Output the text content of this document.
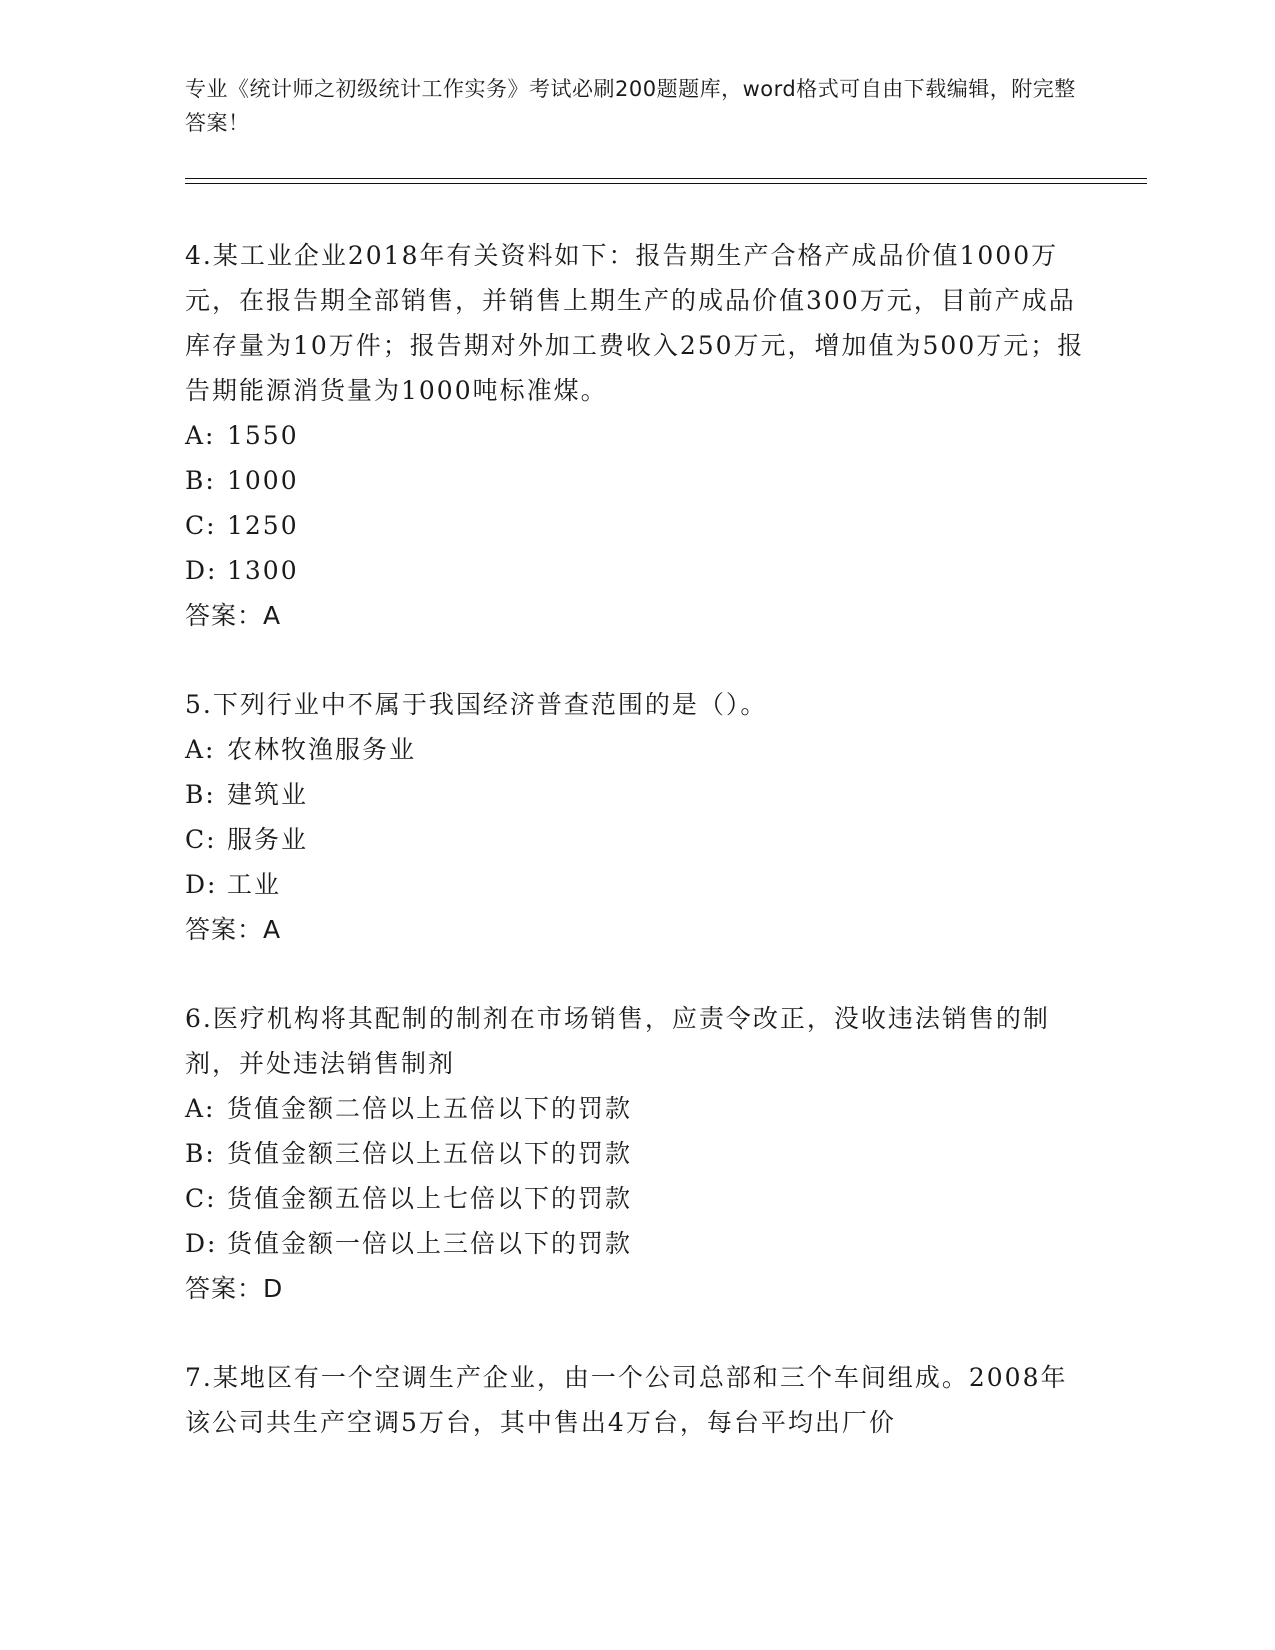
专业《统计师之初级统计工作实务》考试必刷200题题库，word格式可自由下载编辑，附完整答案！
4.某工业企业2018年有关资料如下：报告期生产合格产成品价值1000万元，在报告期全部销售，并销售上期生产的成品价值300万元，目前产成品库存量为10万件；报告期对外加工费收入250万元，增加值为500万元；报告期能源消货量为1000吨标准煤。
A: 1550
B: 1000
C: 1250
D: 1300
答案：A
5.下列行业中不属于我国经济普查范围的是（）。
A: 农林牧渔服务业
B: 建筑业
C: 服务业
D: 工业
答案：A
6.医疗机构将其配制的制剂在市场销售，应责令改正，没收违法销售的制剂，并处违法销售制剂
A: 货值金额二倍以上五倍以下的罚款
B: 货值金额三倍以上五倍以下的罚款
C: 货值金额五倍以上七倍以下的罚款
D: 货值金额一倍以上三倍以下的罚款
答案：D
7.某地区有一个空调生产企业，由一个公司总部和三个车间组成。2008年该公司共生产空调5万台，其中售出4万台，每台平均出厂价
